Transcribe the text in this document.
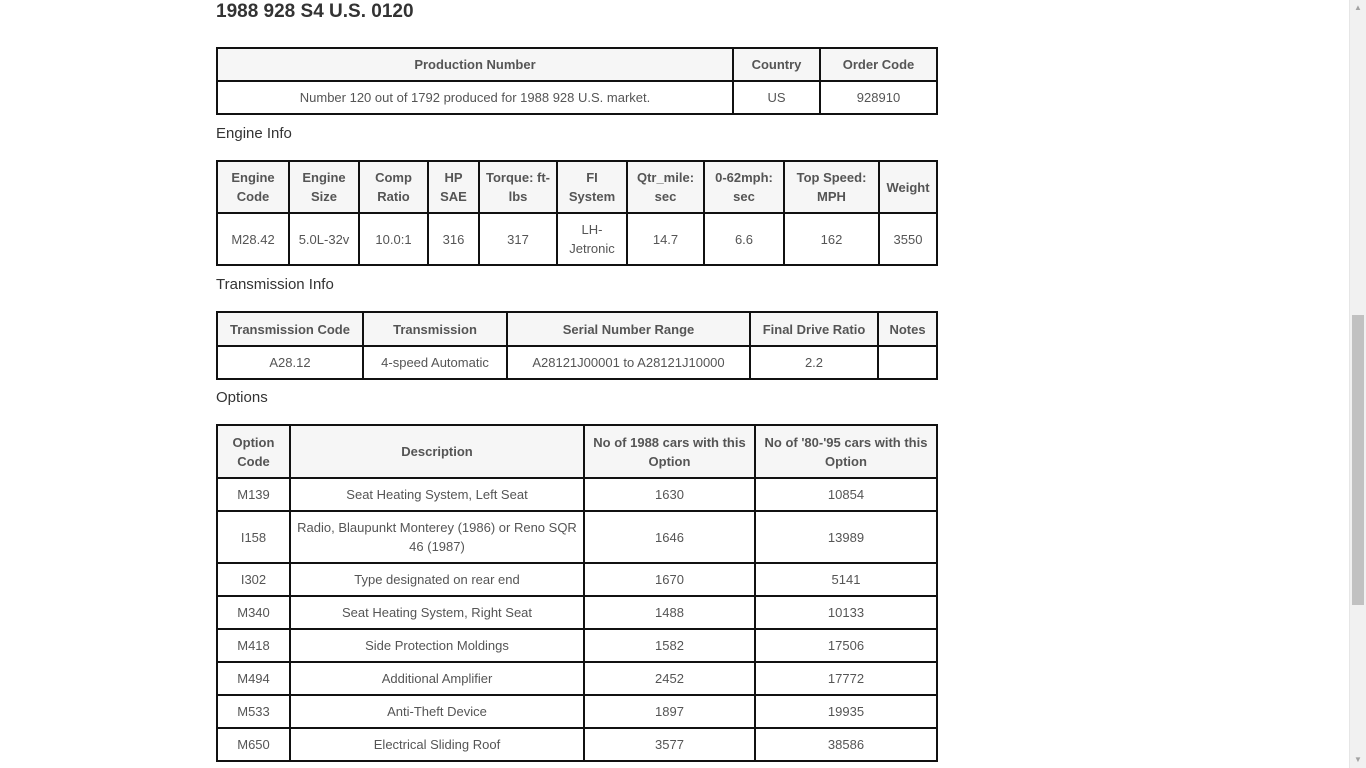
1988 928 S4 U.S. 0120
Production Number	Country	Order Code
Number 120 out of 1792 produced for 1988 928 U.S. market.	US	928910
Engine Info
Engine Code	Engine Size	Comp Ratio	HP SAE	Torque: ft-lbs	FI System	Qtr_mile: sec	0-62mph: sec	Top Speed: MPH	Weight
M28.42	5.0L-32v	10.0:1	316	317	LH-Jetronic	14.7	6.6	162	3550
Transmission Info
Transmission Code	Transmission	Serial Number Range	Final Drive Ratio	Notes
A28.12	4-speed Automatic	A28121J00001 to A28121J10000	2.2	
Options
Option Code	Description	No of 1988 cars with this Option	No of '80-'95 cars with this Option
M139	Seat Heating System, Left Seat	1630	10854
I158	Radio, Blaupunkt Monterey (1986) or Reno SQR 46 (1987)	1646	13989
I302	Type designated on rear end	1670	5141
M340	Seat Heating System, Right Seat	1488	10133
M418	Side Protection Moldings	1582	17506
M494	Additional Amplifier	2452	17772
M533	Anti-Theft Device	1897	19935
M650	Electrical Sliding Roof	3577	38586
▲
▼
